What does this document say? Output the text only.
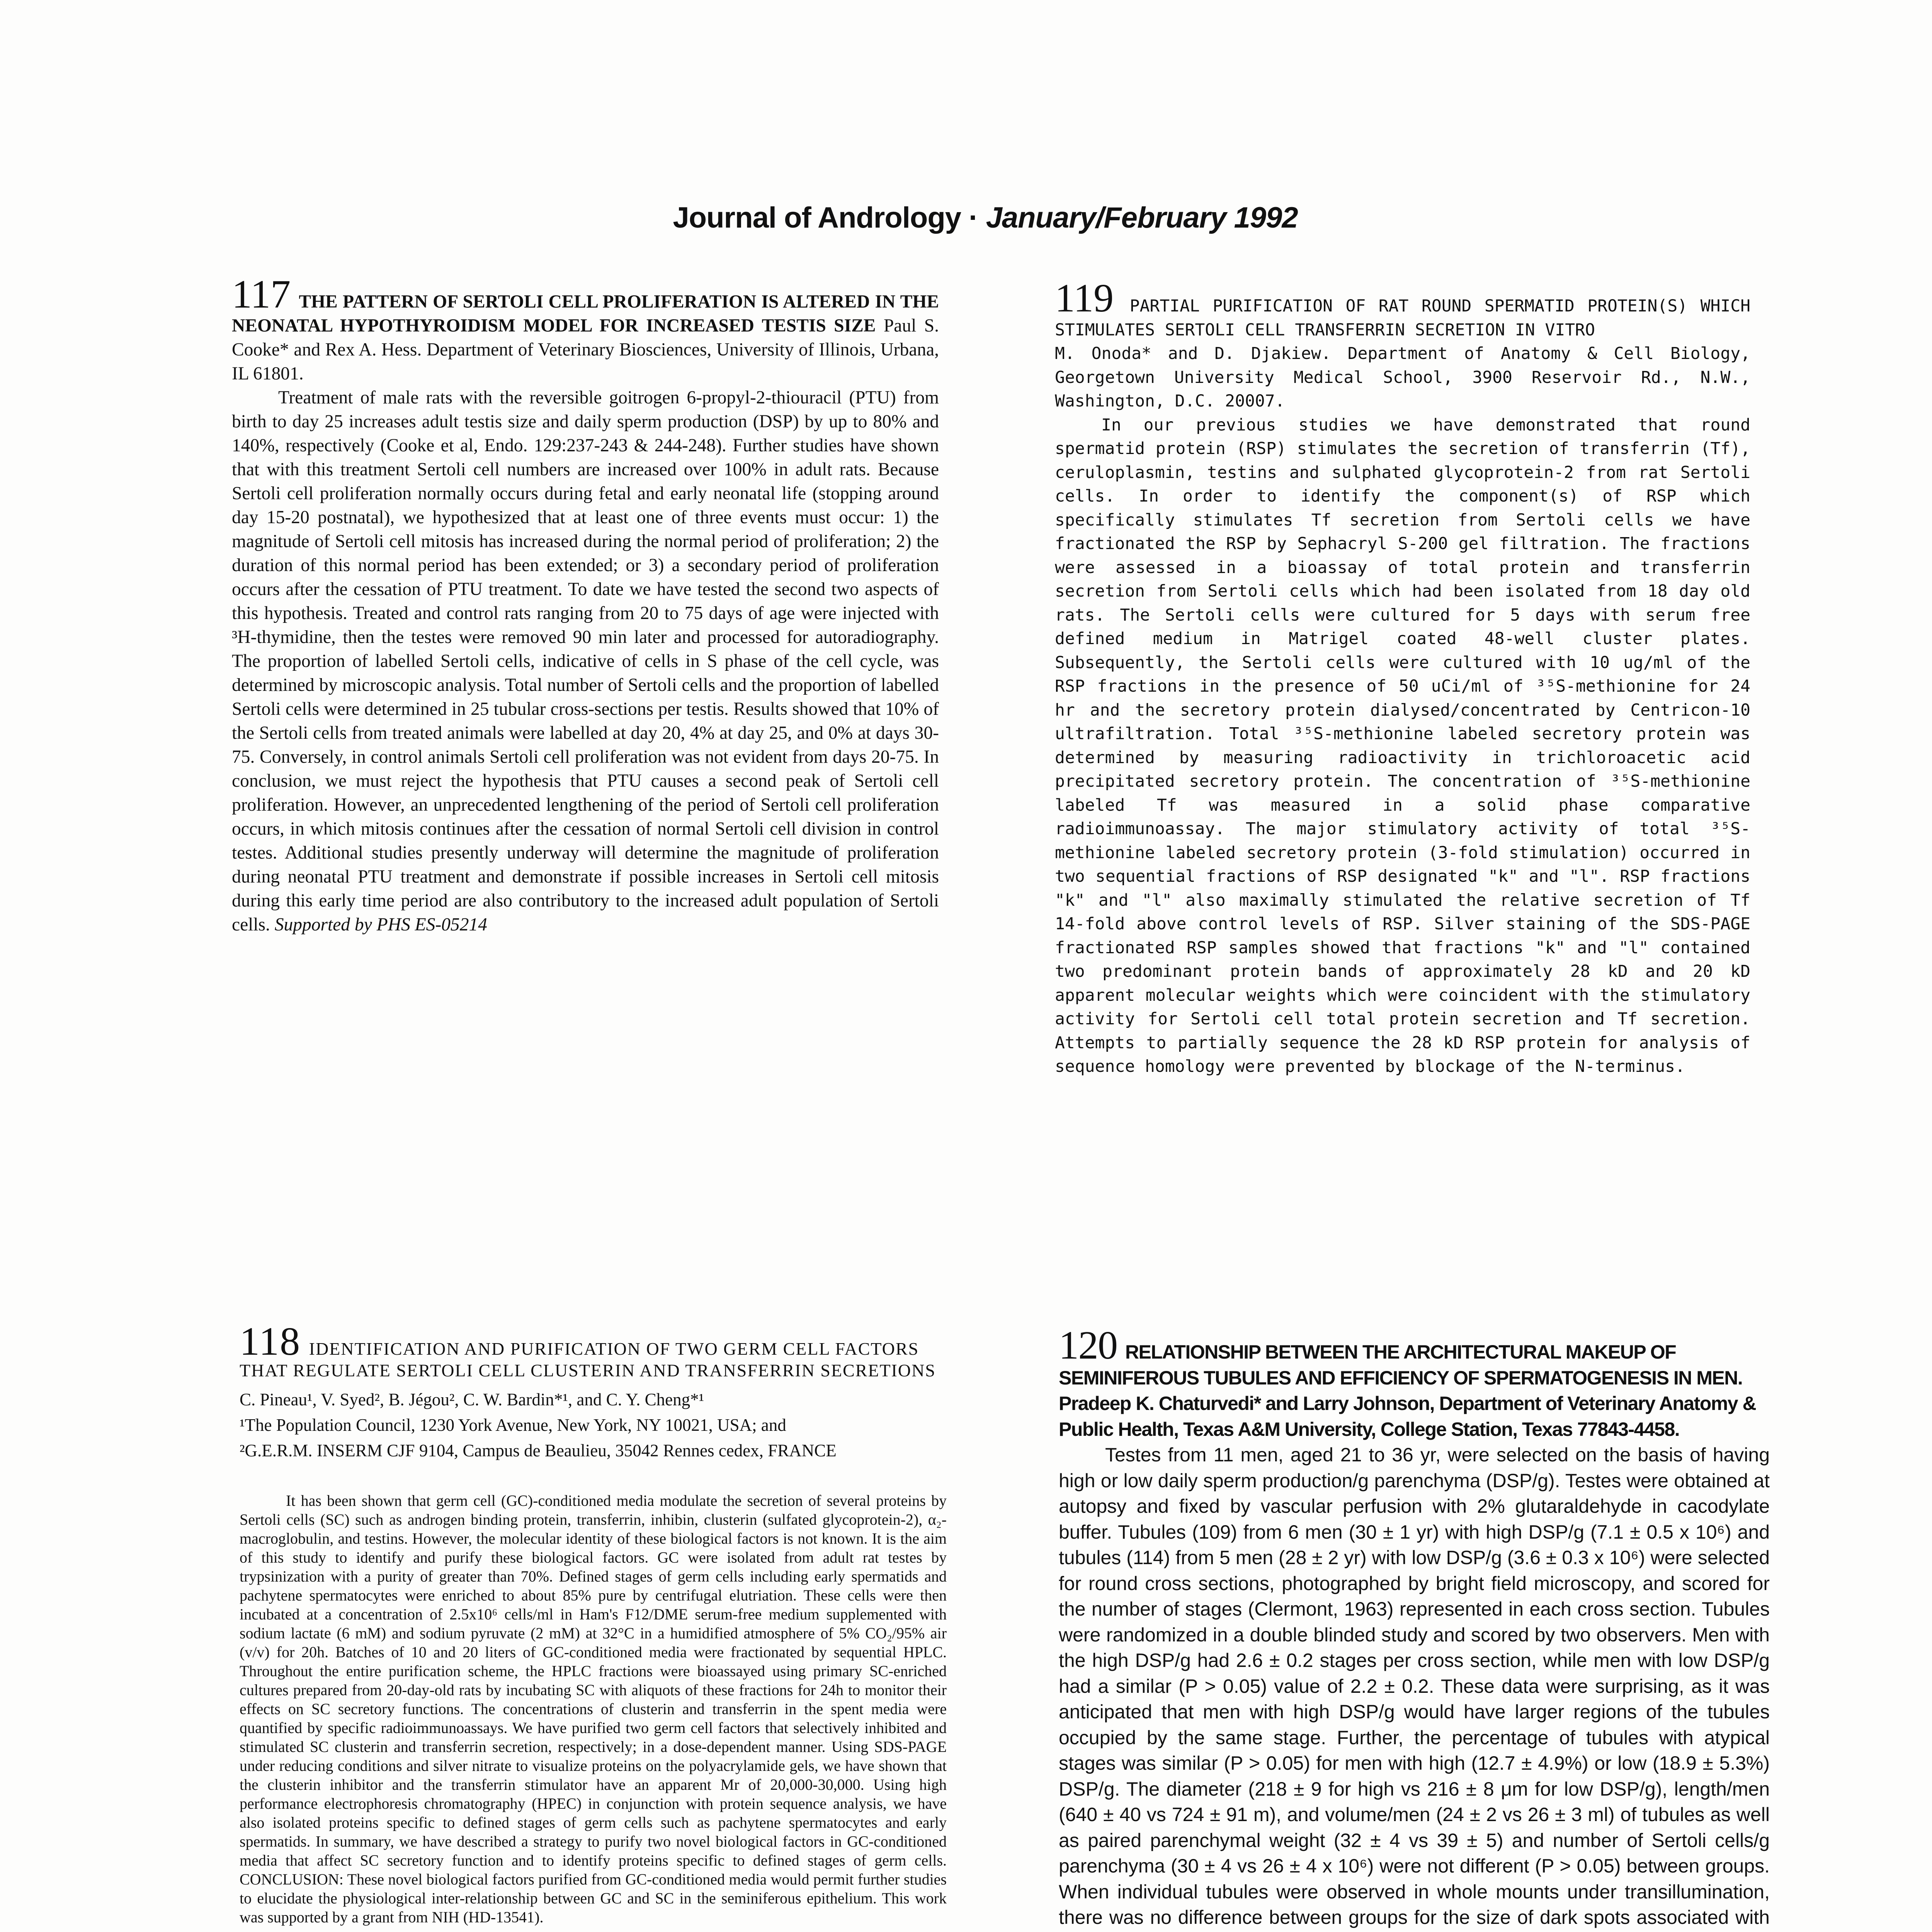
Journal of Andrology · January/February 1992

117 THE PATTERN OF SERTOLI CELL PROLIFERATION IS ALTERED IN THE NEONATAL HYPOTHYROIDISM MODEL FOR INCREASED TESTIS SIZE Paul S. Cooke* and Rex A. Hess. Department of Veterinary Biosciences, University of Illinois, Urbana, IL 61801.

Treatment of male rats with the reversible goitrogen 6-propyl-2-thiouracil (PTU) from birth to day 25 increases adult testis size and daily sperm production (DSP) by up to 80% and 140%, respectively (Cooke et al, Endo. 129:237-243 & 244-248). Further studies have shown that with this treatment Sertoli cell numbers are increased over 100% in adult rats. Because Sertoli cell proliferation normally occurs during fetal and early neonatal life (stopping around day 15-20 postnatal), we hypothesized that at least one of three events must occur: 1) the magnitude of Sertoli cell mitosis has increased during the normal period of proliferation; 2) the duration of this normal period has been extended; or 3) a secondary period of proliferation occurs after the cessation of PTU treatment. To date we have tested the second two aspects of this hypothesis. Treated and control rats ranging from 20 to 75 days of age were injected with ³H-thymidine, then the testes were removed 90 min later and processed for autoradiography. The proportion of labelled Sertoli cells, indicative of cells in S phase of the cell cycle, was determined by microscopic analysis. Total number of Sertoli cells and the proportion of labelled Sertoli cells were determined in 25 tubular cross-sections per testis. Results showed that 10% of the Sertoli cells from treated animals were labelled at day 20, 4% at day 25, and 0% at days 30-75. Conversely, in control animals Sertoli cell proliferation was not evident from days 20-75. In conclusion, we must reject the hypothesis that PTU causes a second peak of Sertoli cell proliferation. However, an unprecedented lengthening of the period of Sertoli cell proliferation occurs, in which mitosis continues after the cessation of normal Sertoli cell division in control testes. Additional studies presently underway will determine the magnitude of proliferation during neonatal PTU treatment and demonstrate if possible increases in Sertoli cell mitosis during this early time period are also contributory to the increased adult population of Sertoli cells. Supported by PHS ES-05214

119 PARTIAL PURIFICATION OF RAT ROUND SPERMATID PROTEIN(S) WHICH STIMULATES SERTOLI CELL TRANSFERRIN SECRETION IN VITRO

M. Onoda* and D. Djakiew. Department of Anatomy & Cell Biology, Georgetown University Medical School, 3900 Reservoir Rd., N.W., Washington, D.C. 20007.

In our previous studies we have demonstrated that round spermatid protein (RSP) stimulates the secretion of transferrin (Tf), ceruloplasmin, testins and sulphated glycoprotein-2 from rat Sertoli cells. In order to identify the component(s) of RSP which specifically stimulates Tf secretion from Sertoli cells we have fractionated the RSP by Sephacryl S-200 gel filtration. The fractions were assessed in a bioassay of total protein and transferrin secretion from Sertoli cells which had been isolated from 18 day old rats. The Sertoli cells were cultured for 5 days with serum free defined medium in Matrigel coated 48-well cluster plates. Subsequently, the Sertoli cells were cultured with 10 ug/ml of the RSP fractions in the presence of 50 uCi/ml of ³⁵S-methionine for 24 hr and the secretory protein dialysed/concentrated by Centricon-10 ultrafiltration. Total ³⁵S-methionine labeled secretory protein was determined by measuring radioactivity in trichloroacetic acid precipitated secretory protein. The concentration of ³⁵S-methionine labeled Tf was measured in a solid phase comparative radioimmunoassay. The major stimulatory activity of total ³⁵S-methionine labeled secretory protein (3-fold stimulation) occurred in two sequential fractions of RSP designated "k" and "l". RSP fractions "k" and "l" also maximally stimulated the relative secretion of Tf 14-fold above control levels of RSP. Silver staining of the SDS-PAGE fractionated RSP samples showed that fractions "k" and "l" contained two predominant protein bands of approximately 28 kD and 20 kD apparent molecular weights which were coincident with the stimulatory activity for Sertoli cell total protein secretion and Tf secretion. Attempts to partially sequence the 28 kD RSP protein for analysis of sequence homology were prevented by blockage of the N-terminus.

118 IDENTIFICATION AND PURIFICATION OF TWO GERM CELL FACTORS THAT REGULATE SERTOLI CELL CLUSTERIN AND TRANSFERRIN SECRETIONS

C. Pineau¹, V. Syed², B. Jégou², C. W. Bardin*¹, and C. Y. Cheng*¹

¹The Population Council, 1230 York Avenue, New York, NY 10021, USA; and

²G.E.R.M. INSERM CJF 9104, Campus de Beaulieu, 35042 Rennes cedex, FRANCE

It has been shown that germ cell (GC)-conditioned media modulate the secretion of several proteins by Sertoli cells (SC) such as androgen binding protein, transferrin, inhibin, clusterin (sulfated glycoprotein-2), α₂-macroglobulin, and testins. However, the molecular identity of these biological factors is not known. It is the aim of this study to identify and purify these biological factors. GC were isolated from adult rat testes by trypsinization with a purity of greater than 70%. Defined stages of germ cells including early spermatids and pachytene spermatocytes were enriched to about 85% pure by centrifugal elutriation. These cells were then incubated at a concentration of 2.5x10⁶ cells/ml in Ham's F12/DME serum-free medium supplemented with sodium lactate (6 mM) and sodium pyruvate (2 mM) at 32°C in a humidified atmosphere of 5% CO₂/95% air (v/v) for 20h. Batches of 10 and 20 liters of GC-conditioned media were fractionated by sequential HPLC. Throughout the entire purification scheme, the HPLC fractions were bioassayed using primary SC-enriched cultures prepared from 20-day-old rats by incubating SC with aliquots of these fractions for 24h to monitor their effects on SC secretory functions. The concentrations of clusterin and transferrin in the spent media were quantified by specific radioimmunoassays. We have purified two germ cell factors that selectively inhibited and stimulated SC clusterin and transferrin secretion, respectively; in a dose-dependent manner. Using SDS-PAGE under reducing conditions and silver nitrate to visualize proteins on the polyacrylamide gels, we have shown that the clusterin inhibitor and the transferrin stimulator have an apparent Mr of 20,000-30,000. Using high performance electrophoresis chromatography (HPEC) in conjunction with protein sequence analysis, we have also isolated proteins specific to defined stages of germ cells such as pachytene spermatocytes and early spermatids. In summary, we have described a strategy to purify two novel biological factors in GC-conditioned media that affect SC secretory function and to identify proteins specific to defined stages of germ cells. CONCLUSION: These novel biological factors purified from GC-conditioned media would permit further studies to elucidate the physiological inter-relationship between GC and SC in the seminiferous epithelium. This work was supported by a grant from NIH (HD-13541).

120 RELATIONSHIP BETWEEN THE ARCHITECTURAL MAKEUP OF SEMINIFEROUS TUBULES AND EFFICIENCY OF SPERMATOGENESIS IN MEN. Pradeep K. Chaturvedi* and Larry Johnson, Department of Veterinary Anatomy & Public Health, Texas A&M University, College Station, Texas 77843-4458.

Testes from 11 men, aged 21 to 36 yr, were selected on the basis of having high or low daily sperm production/g parenchyma (DSP/g). Testes were obtained at autopsy and fixed by vascular perfusion with 2% glutaraldehyde in cacodylate buffer. Tubules (109) from 6 men (30 ± 1 yr) with high DSP/g (7.1 ± 0.5 x 10⁶) and tubules (114) from 5 men (28 ± 2 yr) with low DSP/g (3.6 ± 0.3 x 10⁶) were selected for round cross sections, photographed by bright field microscopy, and scored for the number of stages (Clermont, 1963) represented in each cross section. Tubules were randomized in a double blinded study and scored by two observers. Men with the high DSP/g had 2.6 ± 0.2 stages per cross section, while men with low DSP/g had a similar (P > 0.05) value of 2.2 ± 0.2. These data were surprising, as it was anticipated that men with high DSP/g would have larger regions of the tubules occupied by the same stage. Further, the percentage of tubules with atypical stages was similar (P > 0.05) for men with high (12.7 ± 4.9%) or low (18.9 ± 5.3%) DSP/g. The diameter (218 ± 9 for high vs 216 ± 8 μm for low DSP/g), length/men (640 ± 40 vs 724 ± 91 m), and volume/men (24 ± 2 vs 26 ± 3 ml) of tubules as well as paired parenchymal weight (32 ± 4 vs 39 ± 5) and number of Sertoli cells/g parenchyma (30 ± 4 vs 26 ± 4 x 10⁶) were not different (P > 0.05) between groups. When individual tubules were observed in whole mounts under transillumination, there was no difference between groups for the size of dark spots associated with
